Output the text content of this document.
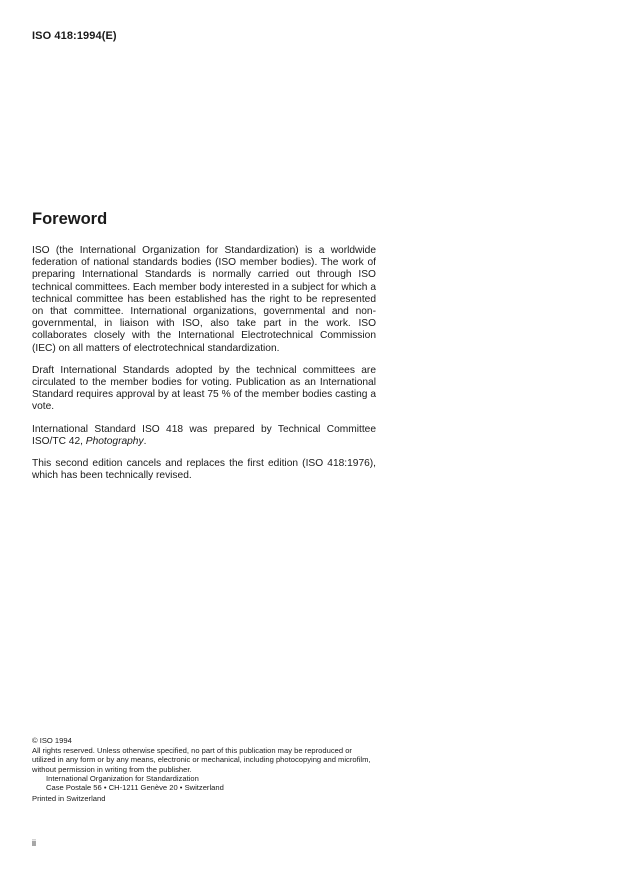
ISO 418:1994(E)
Foreword

ISO (the International Organization for Standardization) is a worldwide federation of national standards bodies (ISO member bodies). The work of preparing International Standards is normally carried out through ISO technical committees. Each member body interested in a subject for which a technical committee has been established has the right to be represented on that committee. International organizations, governmental and non-governmental, in liaison with ISO, also take part in the work. ISO collaborates closely with the International Electrotechnical Commission (IEC) on all matters of electrotechnical standardization.

Draft International Standards adopted by the technical committees are circulated to the member bodies for voting. Publication as an International Standard requires approval by at least 75 % of the member bodies casting a vote.

International Standard ISO 418 was prepared by Technical Committee ISO/TC 42, Photography.

This second edition cancels and replaces the first edition (ISO 418:1976), which has been technically revised.

© ISO 1994

All rights reserved. Unless otherwise specified, no part of this publication may be reproduced or utilized in any form or by any means, electronic or mechanical, including photocopying and microfilm, without permission in writing from the publisher.

International Organization for Standardization

Case Postale 56 • CH-1211 Genève 20 • Switzerland

Printed in Switzerland

ii
